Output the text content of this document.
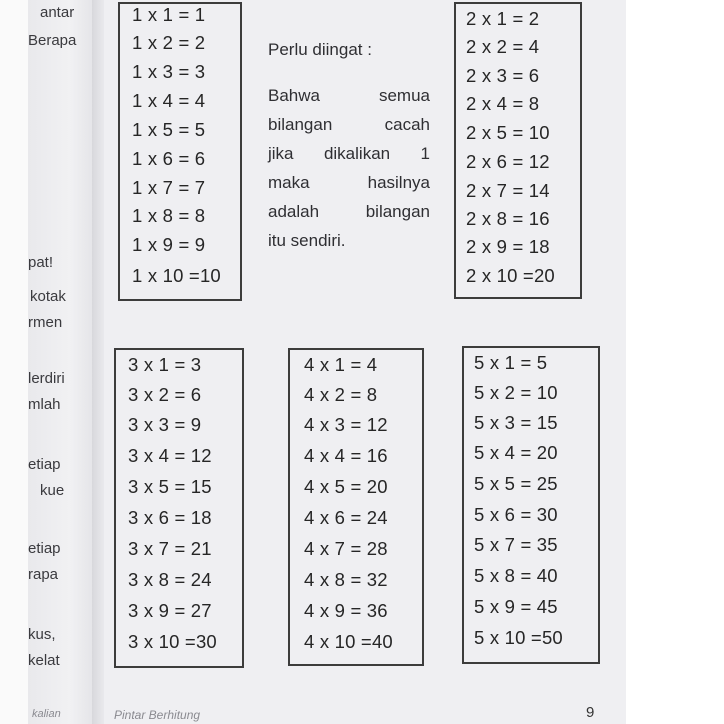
antar
Berapa
pat!
kotak
rmen
lerdiri
mlah
etiap
kue
etiap
rapa
kus,
kelat
kalian
1 x 1 = 1
1 x 2 = 2
1 x 3 = 3
1 x 4 = 4
1 x 5 = 5
1 x 6 = 6
1 x 7 = 7
1 x 8 = 8
1 x 9 = 9
1 x 10 =10
Perlu diingat :
Bahwa semua
bilangan cacah
jika dikalikan 1
maka hasilnya
adalah bilangan
itu sendiri.
2 x 1 = 2
2 x 2 = 4
2 x 3 = 6
2 x 4 = 8
2 x 5 = 10
2 x 6 = 12
2 x 7 = 14
2 x 8 = 16
2 x 9 = 18
2 x 10 =20
3 x 1 = 3
3 x 2 = 6
3 x 3 = 9
3 x 4 = 12
3 x 5 = 15
3 x 6 = 18
3 x 7 = 21
3 x 8 = 24
3 x 9 = 27
3 x 10 =30
4 x 1 = 4
4 x 2 = 8
4 x 3 = 12
4 x 4 = 16
4 x 5 = 20
4 x 6 = 24
4 x 7 = 28
4 x 8 = 32
4 x 9 = 36
4 x 10 =40
5 x 1 = 5
5 x 2 = 10
5 x 3 = 15
5 x 4 = 20
5 x 5 = 25
5 x 6 = 30
5 x 7 = 35
5 x 8 = 40
5 x 9 = 45
5 x 10 =50
Pintar Berhitung	9
